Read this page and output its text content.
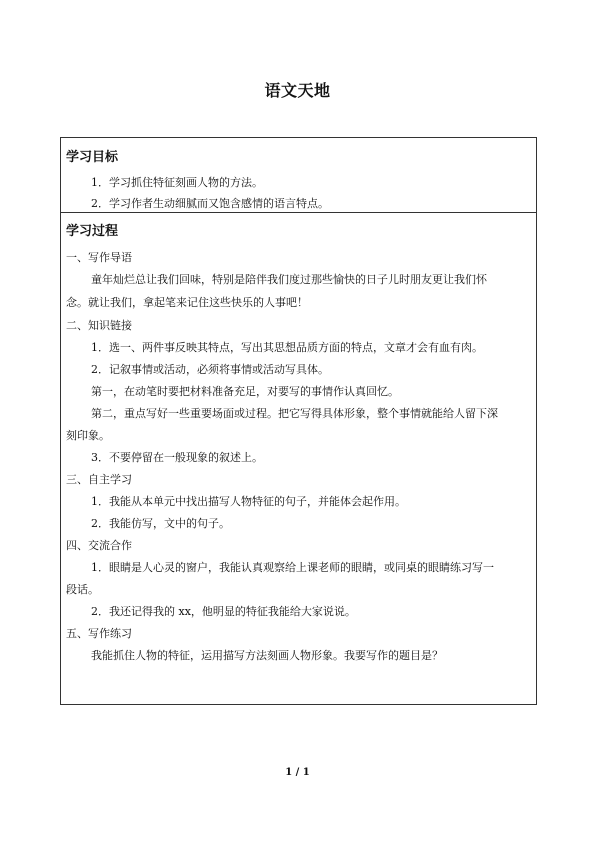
语文天地
学习目标
1．学习抓住特征刻画人物的方法。
2．学习作者生动细腻而又饱含感情的语言特点。
学习过程
一、写作导语
童年灿烂总让我们回味，特别是陪伴我们度过那些愉快的日子儿时朋友更让我们怀
念。就让我们，拿起笔来记住这些快乐的人事吧！
二、知识链接
1．选一、两件事反映其特点，写出其思想品质方面的特点，文章才会有血有肉。
2．记叙事情或活动，必须将事情或活动写具体。
第一，在动笔时要把材料准备充足，对要写的事情作认真回忆。
第二，重点写好一些重要场面或过程。把它写得具体形象，整个事情就能给人留下深
刻印象。
3．不要停留在一般现象的叙述上。
三、自主学习
1．我能从本单元中找出描写人物特征的句子，并能体会起作用。
2．我能仿写，文中的句子。
四、交流合作
1．眼睛是人心灵的窗户，我能认真观察给上课老师的眼睛，或同桌的眼睛练习写一
段话。
2．我还记得我的 xx，他明显的特征我能给大家说说。
五、写作练习
我能抓住人物的特征，运用描写方法刻画人物形象。我要写作的题目是？
1 / 1
